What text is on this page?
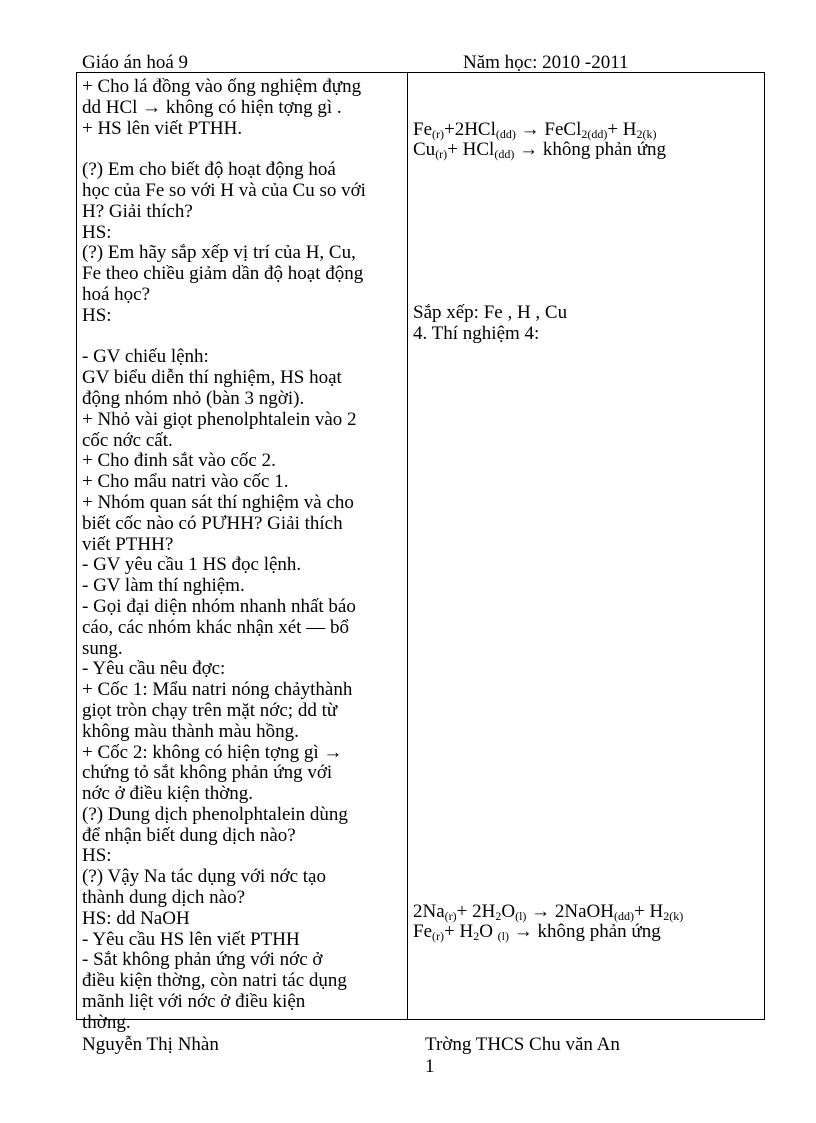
Giáo án hoá 9	Năm học: 2010 -2011
+ Cho lá đồng vào ống nghiệm đựng
dd HCl → không có hiện tợng gì .
+ HS lên viết PTHH.
(?) Em cho biết độ hoạt động hoá
học của Fe so với H và của Cu so với
H? Giải thích?
HS:
(?) Em hãy sắp xếp vị trí của H, Cu,
Fe theo chiều giảm dần độ hoạt động
hoá học?
HS:
- GV chiếu lệnh:
GV biểu diễn thí nghiệm, HS hoạt
động nhóm nhỏ (bàn 3 ngời).
+ Nhỏ vài giọt phenolphtalein vào 2
cốc nớc cất.
+ Cho đinh sắt vào cốc 2.
+ Cho mẩu natri vào cốc 1.
+ Nhóm quan sát thí nghiệm và cho
biết cốc nào có PƯHH? Giải thích
viết PTHH?
- GV yêu cầu 1 HS đọc lệnh.
- GV làm thí nghiệm.
- Gọi đại diện nhóm nhanh nhất báo
cáo, các nhóm khác nhận xét — bổ
sung.
- Yêu cầu nêu đợc:
+ Cốc 1: Mẩu natri nóng chảythành
giọt tròn chạy trên mặt nớc; dd từ
không màu thành màu hồng.
+ Cốc 2: không có hiện tợng gì →
chứng tỏ sắt không phản ứng với
nớc ở điều kiện thờng.
(?) Dung dịch phenolphtalein dùng
để nhận biết dung dịch nào?
HS:
(?) Vậy Na tác dụng với nớc tạo
thành dung dịch nào?
HS: dd NaOH
- Yêu cầu HS lên viết PTHH
- Sắt không phản ứng với nớc ở
điều kiện thờng, còn natri tác dụng
mãnh liệt với nớc ở điều kiện
thờng.
$Fe_{(r)}+2HCl_{(dd)}$ → FeCl$_{2(dd)}$+ $H_{2(k)}$
$Cu_{(r)}+ HCl_{(dd)}$ → không phản ứng
Sắp xếp: Fe , H , Cu
4. Thí nghiệm 4:
$2Na_{(r)}+ 2H_2O_{(l)}$ → 2NaOH$_{(dd)}$+ $H_{2(k)}$
$Fe_{(r)}+ H_2O$ $_{(l)}$ → không phản ứng
Nguyễn Thị Nhàn	Trờng THCS Chu văn An
1
